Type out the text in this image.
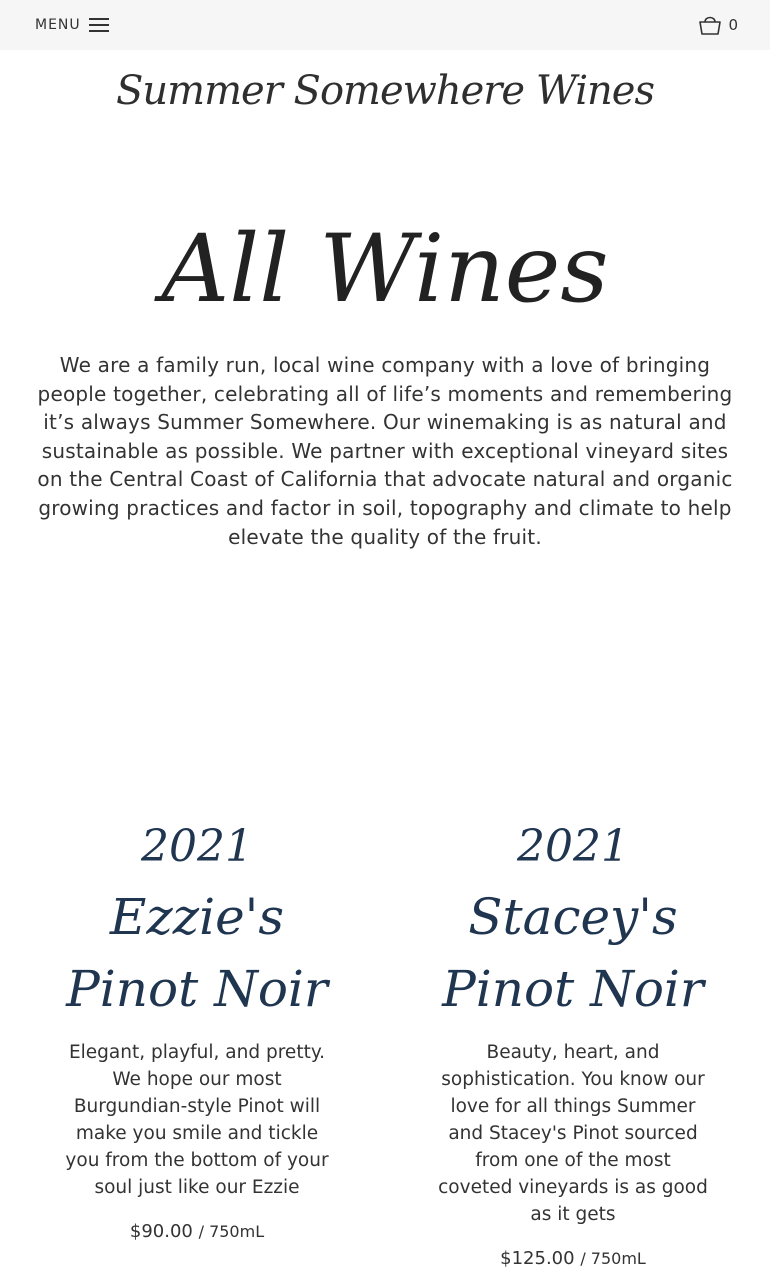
MENU	0
Summer Somewhere Wines
All Wines

We are a family run, local wine company with a love of bringing people together, celebrating all of life’s moments and remembering it’s always Summer Somewhere. Our winemaking is as natural and sustainable as possible. We partner with exceptional vineyard sites on the Central Coast of California that advocate natural and organic growing practices and factor in soil, topography and climate to help elevate the quality of the fruit.

2021
Ezzie's Pinot Noir
Elegant, playful, and pretty. We hope our most Burgundian-style Pinot will make you smile and tickle you from the bottom of your soul just like our Ezzie
$90.00 / 750mL
2021
Stacey's Pinot Noir
Beauty, heart, and sophistication. You know our love for all things Summer and Stacey's Pinot sourced from one of the most coveted vineyards is as good as it gets
$125.00 / 750mL
